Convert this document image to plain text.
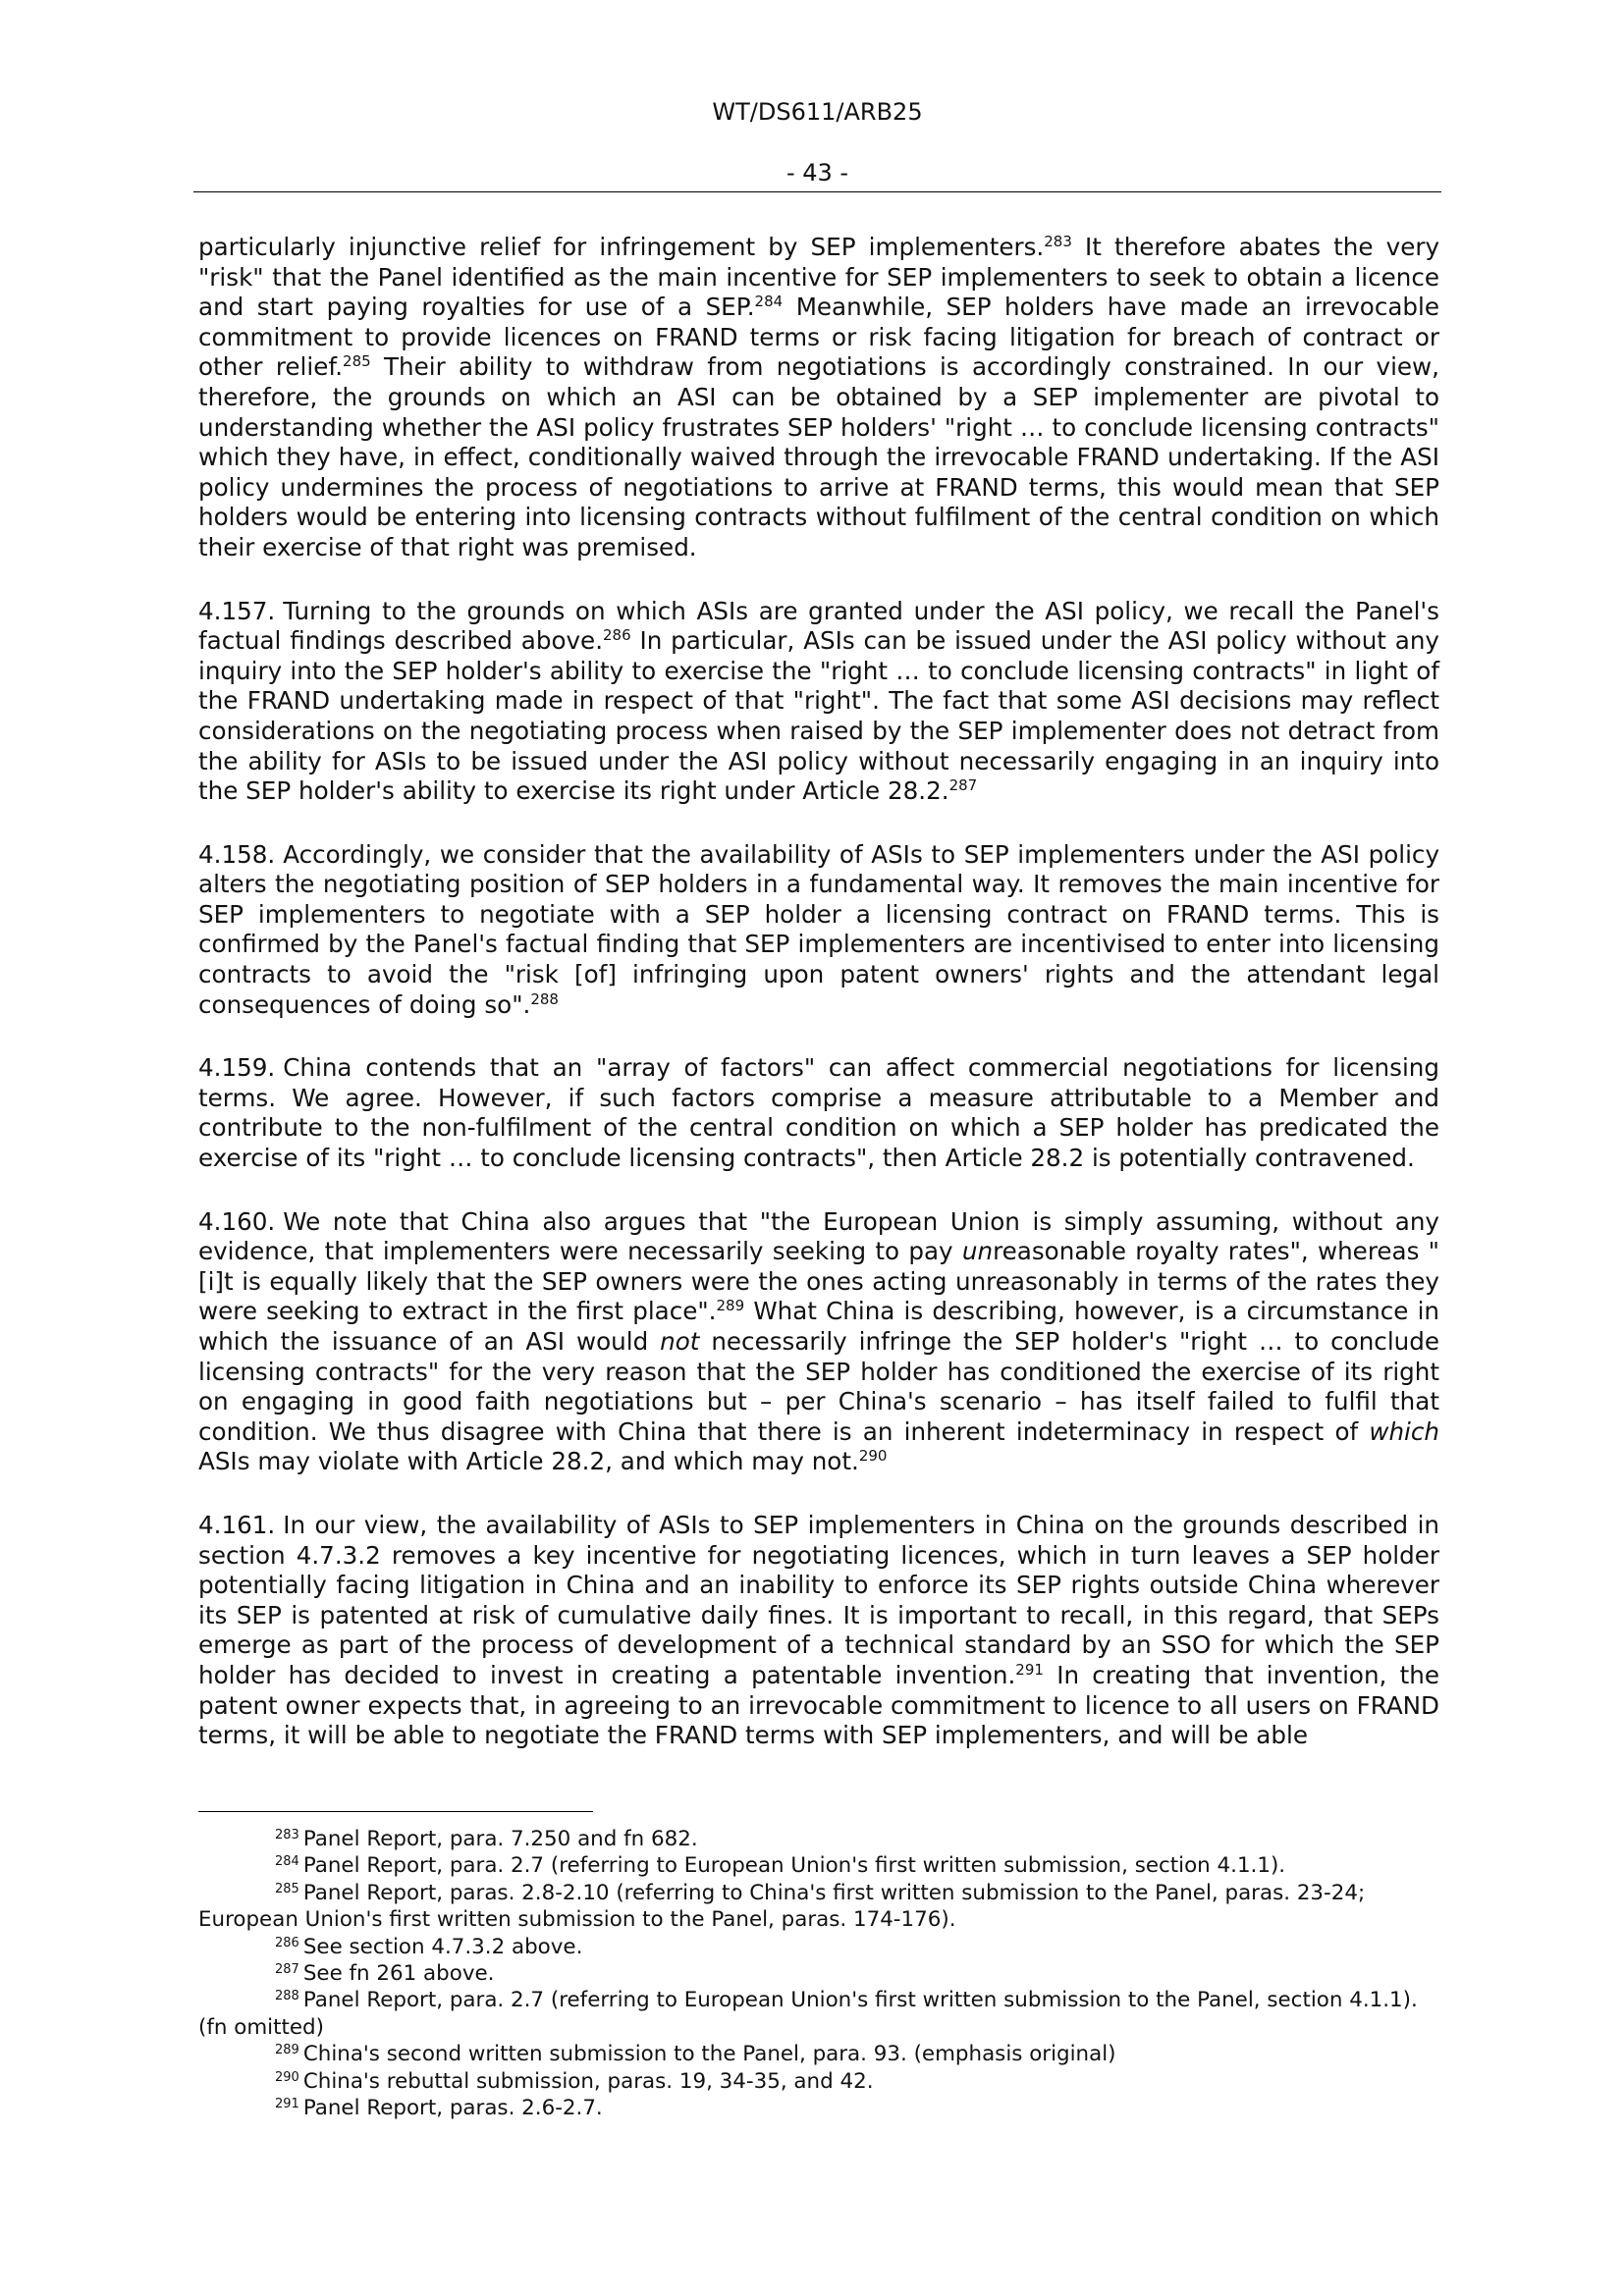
WT/DS611/ARB25
- 43 -

particularly injunctive relief for infringement by SEP implementers.$^{283}$ It therefore abates the very "risk" that the Panel identified as the main incentive for SEP implementers to seek to obtain a licence and start paying royalties for use of a SEP.$^{284}$ Meanwhile, SEP holders have made an irrevocable commitment to provide licences on FRAND terms or risk facing litigation for breach of contract or other relief.$^{285}$ Their ability to withdraw from negotiations is accordingly constrained. In our view, therefore, the grounds on which an ASI can be obtained by a SEP implementer are pivotal to understanding whether the ASI policy frustrates SEP holders' "right … to conclude licensing contracts" which they have, in effect, conditionally waived through the irrevocable FRAND undertaking. If the ASI policy undermines the process of negotiations to arrive at FRAND terms, this would mean that SEP holders would be entering into licensing contracts without fulfilment of the central condition on which their exercise of that right was premised.

4.157. Turning to the grounds on which ASIs are granted under the ASI policy, we recall the Panel's factual findings described above.$^{286}$ In particular, ASIs can be issued under the ASI policy without any inquiry into the SEP holder's ability to exercise the "right … to conclude licensing contracts" in light of the FRAND undertaking made in respect of that "right". The fact that some ASI decisions may reflect considerations on the negotiating process when raised by the SEP implementer does not detract from the ability for ASIs to be issued under the ASI policy without necessarily engaging in an inquiry into the SEP holder's ability to exercise its right under Article 28.2.$^{287}$

4.158. Accordingly, we consider that the availability of ASIs to SEP implementers under the ASI policy alters the negotiating position of SEP holders in a fundamental way. It removes the main incentive for SEP implementers to negotiate with a SEP holder a licensing contract on FRAND terms. This is confirmed by the Panel's factual finding that SEP implementers are incentivised to enter into licensing contracts to avoid the "risk [of] infringing upon patent owners' rights and the attendant legal consequences of doing so".$^{288}$

4.159. China contends that an "array of factors" can affect commercial negotiations for licensing terms. We agree. However, if such factors comprise a measure attributable to a Member and contribute to the non-fulfilment of the central condition on which a SEP holder has predicated the exercise of its "right … to conclude licensing contracts", then Article 28.2 is potentially contravened.

4.160. We note that China also argues that "the European Union is simply assuming, without any evidence, that implementers were necessarily seeking to pay unreasonable royalty rates", whereas "[i]t is equally likely that the SEP owners were the ones acting unreasonably in terms of the rates they were seeking to extract in the first place".$^{289}$ What China is describing, however, is a circumstance in which the issuance of an ASI would not necessarily infringe the SEP holder's "right … to conclude licensing contracts" for the very reason that the SEP holder has conditioned the exercise of its right on engaging in good faith negotiations but – per China's scenario – has itself failed to fulfil that condition. We thus disagree with China that there is an inherent indeterminacy in respect of which ASIs may violate with Article 28.2, and which may not.$^{290}$

4.161. In our view, the availability of ASIs to SEP implementers in China on the grounds described in section 4.7.3.2 removes a key incentive for negotiating licences, which in turn leaves a SEP holder potentially facing litigation in China and an inability to enforce its SEP rights outside China wherever its SEP is patented at risk of cumulative daily fines. It is important to recall, in this regard, that SEPs emerge as part of the process of development of a technical standard by an SSO for which the SEP holder has decided to invest in creating a patentable invention.$^{291}$ In creating that invention, the patent owner expects that, in agreeing to an irrevocable commitment to licence to all users on FRAND terms, it will be able to negotiate the FRAND terms with SEP implementers, and will be able

$^{283}$ Panel Report, para. 7.250 and fn 682.

$^{284}$ Panel Report, para. 2.7 (referring to European Union's first written submission, section 4.1.1).

$^{285}$ Panel Report, paras. 2.8-2.10 (referring to China's first written submission to the Panel, paras. 23-24; European Union's first written submission to the Panel, paras. 174-176).

$^{286}$ See section 4.7.3.2 above.

$^{287}$ See fn 261 above.

$^{288}$ Panel Report, para. 2.7 (referring to European Union's first written submission to the Panel, section 4.1.1). (fn omitted)

$^{289}$ China's second written submission to the Panel, para. 93. (emphasis original)

$^{290}$ China's rebuttal submission, paras. 19, 34-35, and 42.

$^{291}$ Panel Report, paras. 2.6-2.7.
